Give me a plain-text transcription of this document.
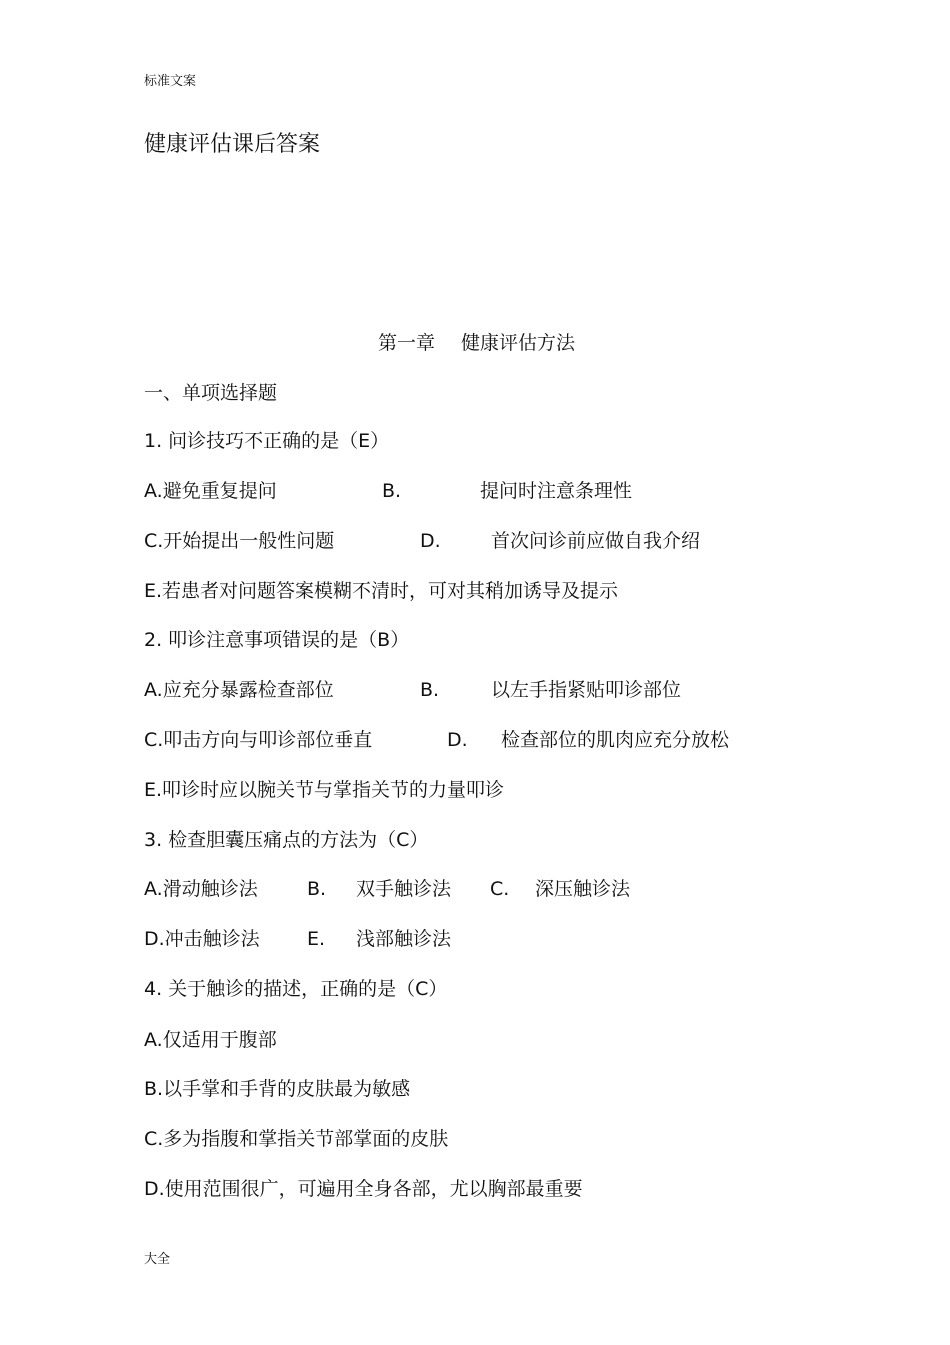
标准文案
健康评估课后答案
第一章 健康评估方法
一、单项选择题
1. 问诊技巧不正确的是（E）
A.避免重复提问	B.	提问时注意条理性
C.开始提出一般性问题	D.	首次问诊前应做自我介绍
E.若患者对问题答案模糊不清时，可对其稍加诱导及提示
2. 叩诊注意事项错误的是（B）
A.应充分暴露检查部位	B.	以左手指紧贴叩诊部位
C.叩击方向与叩诊部位垂直	D. 检查部位的肌肉应充分放松
E.叩诊时应以腕关节与掌指关节的力量叩诊
3. 检查胆囊压痛点的方法为（C）
A.滑动触诊法	B. 双手触诊法 C. 深压触诊法
D.冲击触诊法 E. 浅部触诊法
4. 关于触诊的描述，正确的是（C）
A.仅适用于腹部
B.以手掌和手背的皮肤最为敏感
C.多为指腹和掌指关节部掌面的皮肤
D.使用范围很广，可遍用全身各部，尤以胸部最重要
大全
